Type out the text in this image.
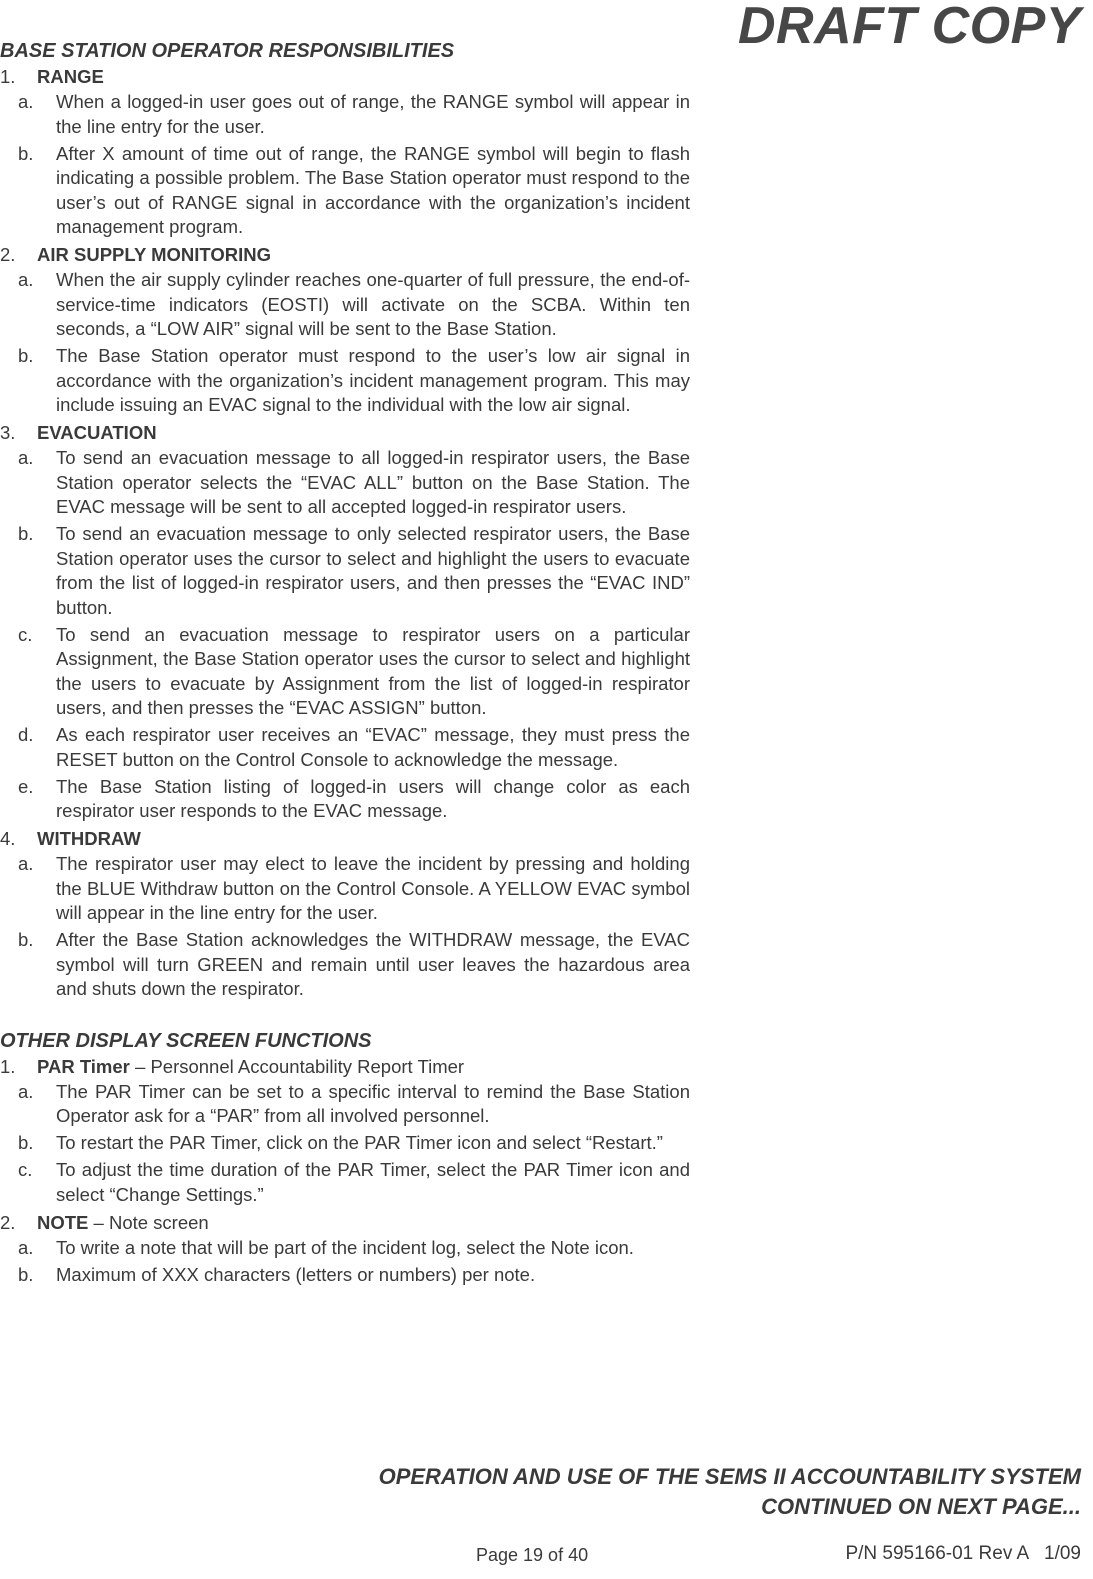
DRAFT COPY
BASE STATION OPERATOR RESPONSIBILITIES
1. RANGE
a. When a logged-in user goes out of range, the RANGE symbol will appear in the line entry for the user.
b. After X amount of time out of range, the RANGE symbol will begin to flash indicating a possible problem. The Base Station operator must respond to the user’s out of RANGE signal in accordance with the organization’s incident management program.
2. AIR SUPPLY MONITORING
a. When the air supply cylinder reaches one-quarter of full pressure, the end-of-service-time indicators (EOSTI) will activate on the SCBA. Within ten seconds, a “LOW AIR” signal will be sent to the Base Station.
b. The Base Station operator must respond to the user’s low air signal in accordance with the organization’s incident management program. This may include issuing an EVAC signal to the individual with the low air signal.
3. EVACUATION
a. To send an evacuation message to all logged-in respirator users, the Base Station operator selects the “EVAC ALL” button on the Base Station. The EVAC message will be sent to all accepted logged-in respirator users.
b. To send an evacuation message to only selected respirator users, the Base Station operator uses the cursor to select and highlight the users to evacuate from the list of logged-in respirator users, and then presses the “EVAC IND” button.
c. To send an evacuation message to respirator users on a particular Assignment, the Base Station operator uses the cursor to select and highlight the users to evacuate by Assignment from the list of logged-in respirator users, and then presses the “EVAC ASSIGN” button.
d. As each respirator user receives an “EVAC” message, they must press the RESET button on the Control Console to acknowledge the message.
e. The Base Station listing of logged-in users will change color as each respirator user responds to the EVAC message.
4. WITHDRAW
a. The respirator user may elect to leave the incident by pressing and holding the BLUE Withdraw button on the Control Console. A YELLOW EVAC symbol will appear in the line entry for the user.
b. After the Base Station acknowledges the WITHDRAW message, the EVAC symbol will turn GREEN and remain until user leaves the hazardous area and shuts down the respirator.
OTHER DISPLAY SCREEN FUNCTIONS
1. PAR Timer – Personnel Accountability Report Timer
a. The PAR Timer can be set to a specific interval to remind the Base Station Operator ask for a “PAR” from all involved personnel.
b. To restart the PAR Timer, click on the PAR Timer icon and select “Restart.”
c. To adjust the time duration of the PAR Timer, select the PAR Timer icon and select “Change Settings.”
2. NOTE – Note screen
a. To write a note that will be part of the incident log, select the Note icon.
b. Maximum of XXX characters (letters or numbers) per note.
OPERATION AND USE OF THE SEMS II ACCOUNTABILITY SYSTEM
CONTINUED ON NEXT PAGE...
Page 19 of 40	P/N 595166-01 Rev A   1/09
